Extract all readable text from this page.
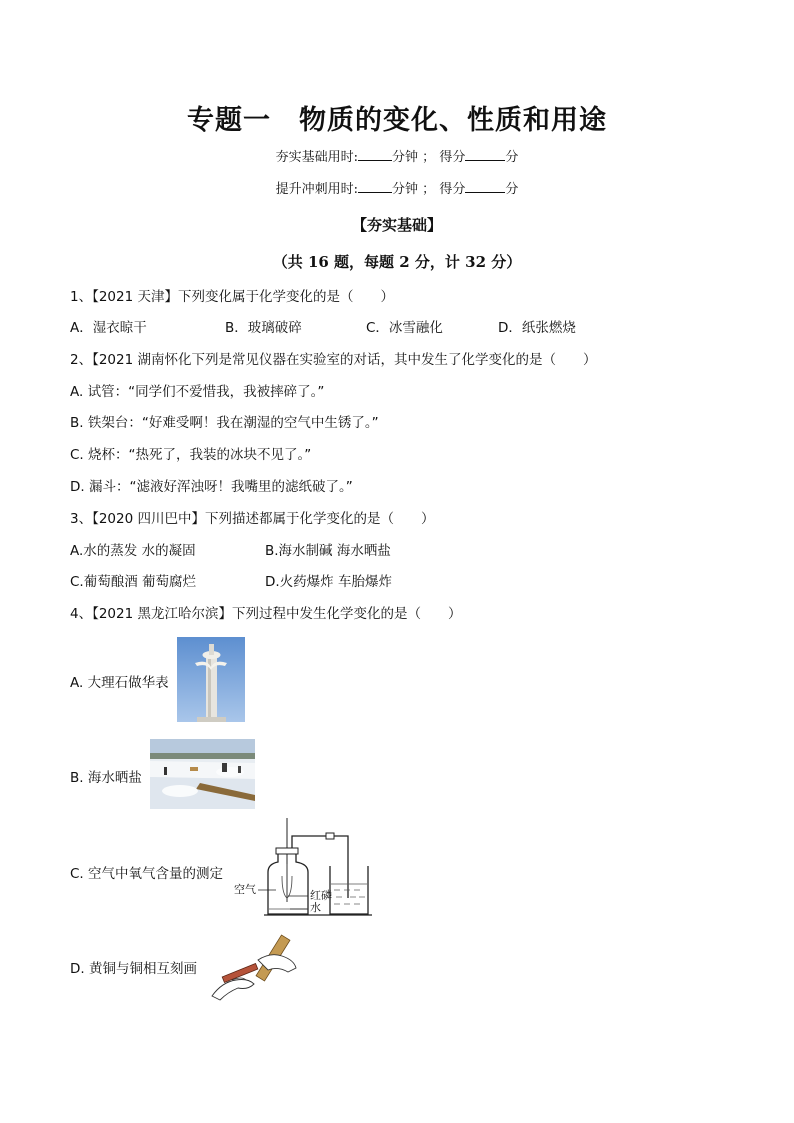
专题一　物质的变化、性质和用途
夯实基础用时:	分钟 ； 得分	分
提升冲刺用时:	分钟 ； 得分	分
【夯实基础】
（共 16 题，每题 2 分，计 32 分）
1、【2021 天津】下列变化属于化学变化的是（　　）
A．湿衣晾干	B．玻璃破碎	C．冰雪融化	D．纸张燃烧
2、【2021 湖南怀化下列是常见仪器在实验室的对话，其中发生了化学变化的是（　　）
A. 试管：“同学们不爱惜我，我被摔碎了。”
B. 铁架台：“好难受啊！我在潮湿的空气中生锈了。”
C. 烧杯：“热死了，我装的冰块不见了。”
D. 漏斗：“滤液好浑浊呀！我嘴里的滤纸破了。”
3、【2020 四川巴中】下列描述都属于化学变化的是（　　）
A.水的蒸发 水的凝固	B.海水制碱 海水晒盐
C.葡萄酿酒 葡萄腐烂	D.火药爆炸 车胎爆炸
4、【2021 黑龙江哈尔滨】下列过程中发生化学变化的是（　　）
A. 大理石做华表
B. 海水晒盐
C. 空气中氧气含量的测定
空气	红磷
水
D. 黄铜与铜相互刻画
